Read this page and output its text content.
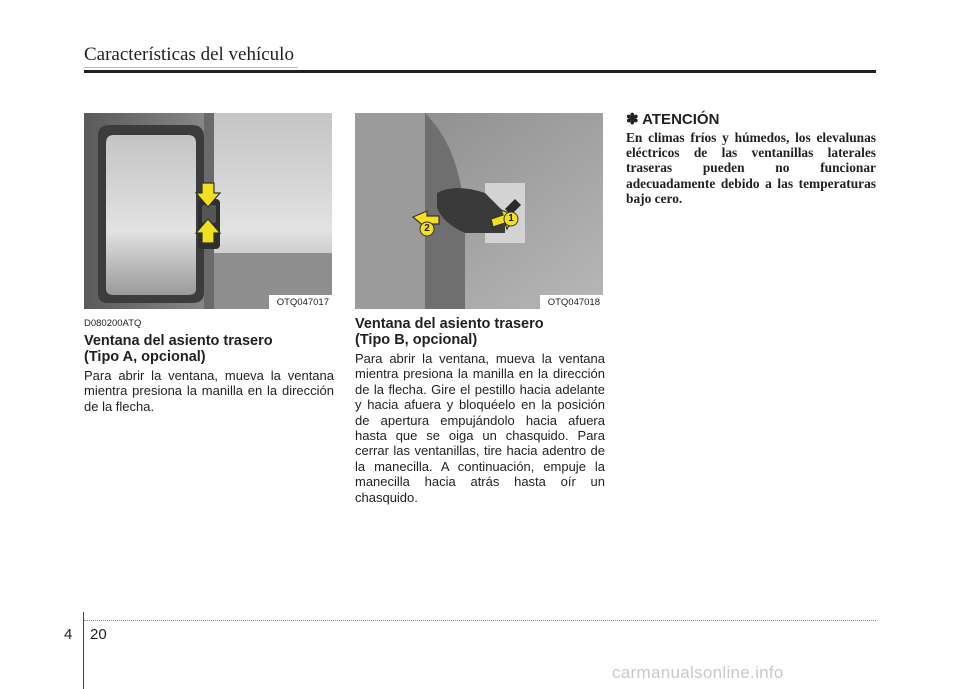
Características del vehículo
OTQ047017
2
1
OTQ047018
D080200ATQ
Ventana del asiento trasero
(Tipo A, opcional)
Para abrir la ventana, mueva la ventana mientra presiona la manilla en la dirección de la flecha.
Ventana del asiento trasero
(Tipo B, opcional)
Para abrir la ventana, mueva la ventana mientra presiona la manilla en la dirección de la flecha. Gire el pestillo hacia adelante y hacia afuera y bloquéelo en la posición de apertura empujándolo hacia afuera hasta que se oiga un chasquido. Para cerrar las ventanillas, tire hacia adentro de la manecilla. A continuación, empuje la manecilla hacia atrás hasta oír un chasquido.
✽ ATENCIÓN
En climas fríos y húmedos, los elevalunas eléctricos de las ventanillas laterales traseras pueden no funcionar adecuadamente debido a las temperaturas bajo cero.
4 20
carmanualsonline.info
